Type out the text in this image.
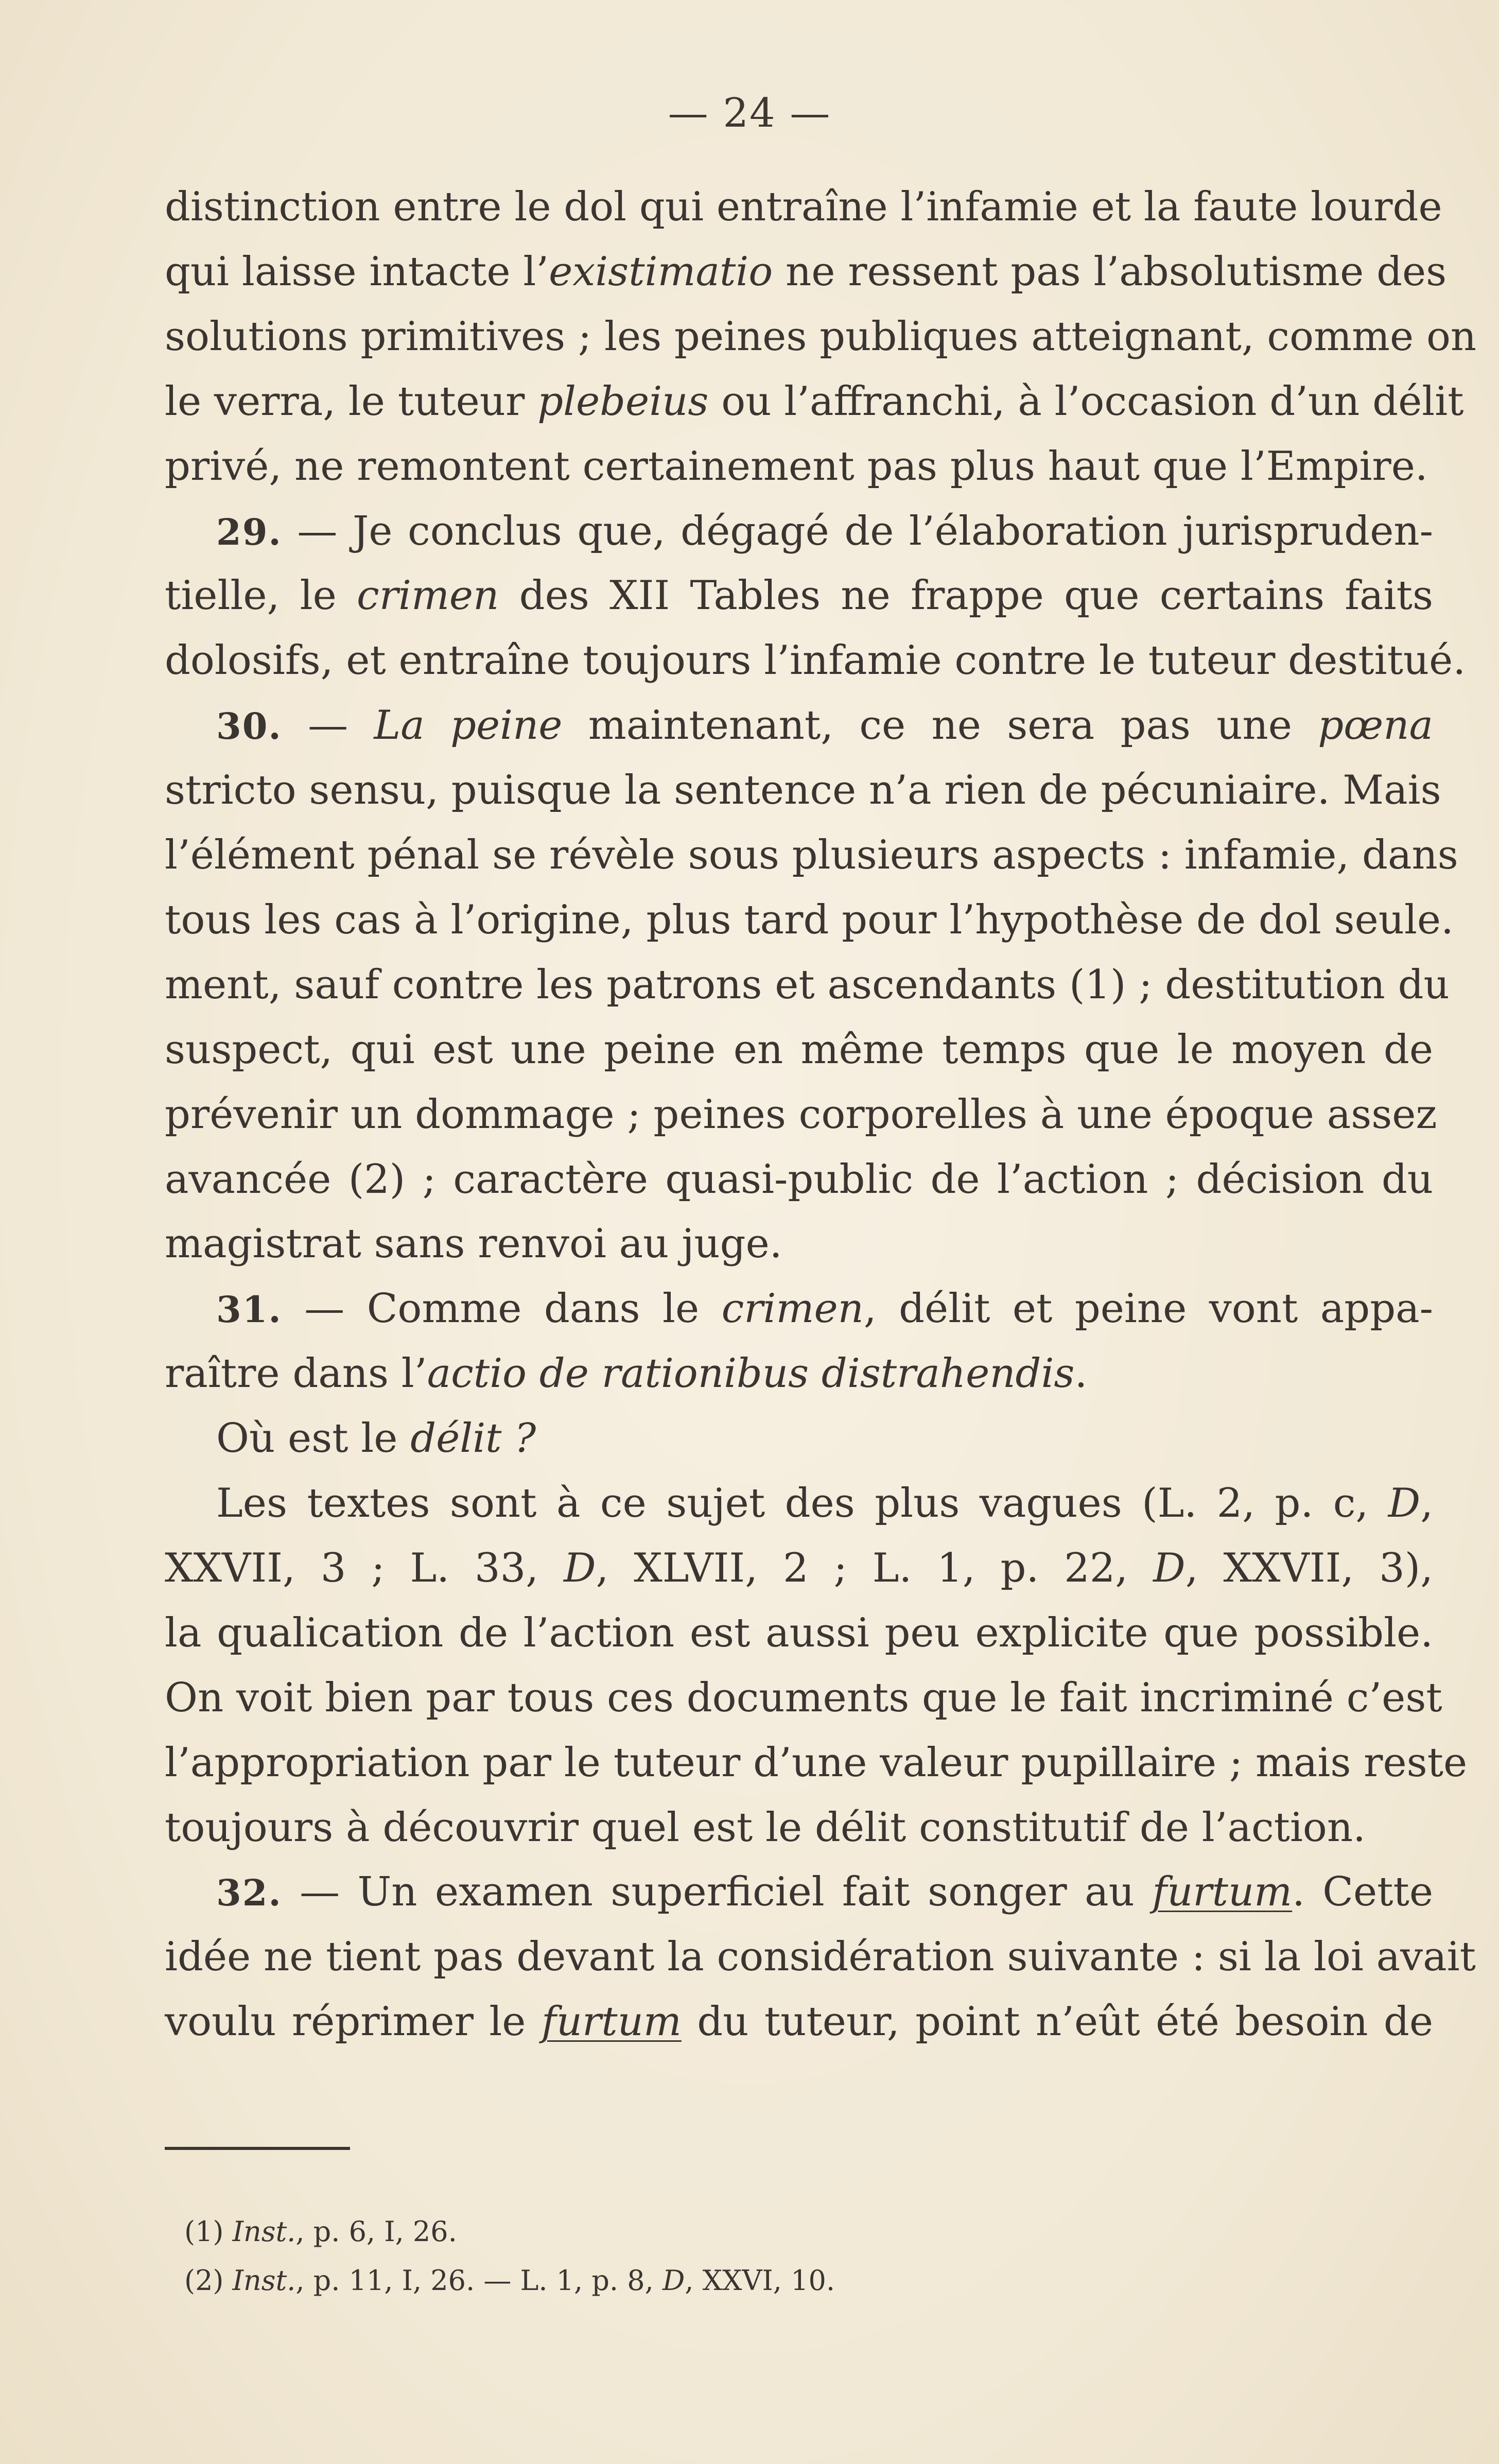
— 24 —
distinction entre le dol qui entraîne l’infamie et la faute lourde
qui laisse intacte l’existimatio ne ressent pas l’absolutisme des
solutions primitives ; les peines publiques atteignant, comme on
le verra, le tuteur plebeius ou l’affranchi, à l’occasion d’un délit
privé, ne remontent certainement pas plus haut que l’Empire.
29. — Je conclus que, dégagé de l’élaboration jurispruden-
tielle, le crimen des XII Tables ne frappe que certains faits
dolosifs, et entraîne toujours l’infamie contre le tuteur destitué.
30. — La peine maintenant, ce ne sera pas une pœna
stricto sensu, puisque la sentence n’a rien de pécuniaire. Mais
l’élément pénal se révèle sous plusieurs aspects : infamie, dans
tous les cas à l’origine, plus tard pour l’hypothèse de dol seule.
ment, sauf contre les patrons et ascendants (1) ; destitution du
suspect, qui est une peine en même temps que le moyen de
prévenir un dommage ; peines corporelles à une époque assez
avancée (2) ; caractère quasi-public de l’action ; décision du
magistrat sans renvoi au juge.
31. — Comme dans le crimen, délit et peine vont appa-
raître dans l’actio de rationibus distrahendis.
Où est le délit ?
Les textes sont à ce sujet des plus vagues (L. 2, p. c, D,
XXVII, 3 ; L. 33, D, XLVII, 2 ; L. 1, p. 22, D, XXVII, 3),
la qualication de l’action est aussi peu explicite que possible.
On voit bien par tous ces documents que le fait incriminé c’est
l’appropriation par le tuteur d’une valeur pupillaire ; mais reste
toujours à découvrir quel est le délit constitutif de l’action.
32. — Un examen superficiel fait songer au furtum. Cette
idée ne tient pas devant la considération suivante : si la loi avait
voulu réprimer le furtum du tuteur, point n’eût été besoin de
(1) Inst., p. 6, I, 26.
(2) Inst., p. 11, I, 26. — L. 1, p. 8, D, XXVI, 10.
